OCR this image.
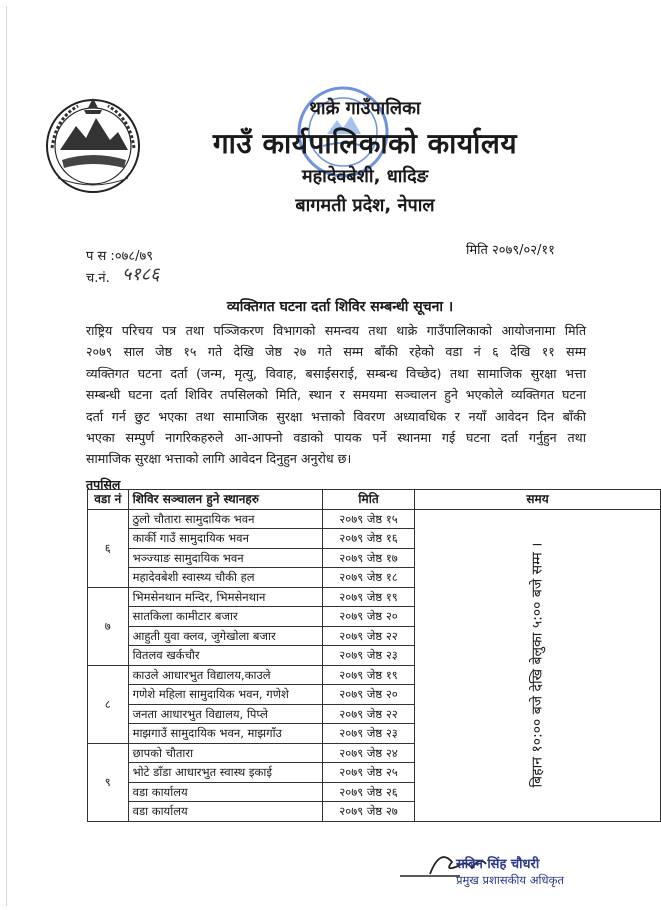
थाक्रे गाउँपालिका
गाउँ कार्यपालिकाको कार्यालय
महादेवबेशी, धादिङ
बागमती प्रदेश, नेपाल
प स :०७८/७९
च.नं. ५१८६
मिति २०७९/०२/११
व्यक्तिगत घटना दर्ता शिविर सम्बन्धी सूचना ।
राष्ट्रिय परिचय पत्र तथा पञ्जिकरण विभागको समन्वय तथा थाक्रे गाउँपालिकाको आयोजनामा मिति
२०७९ साल जेष्ठ १५ गते देखि जेष्ठ २७ गते सम्म बाँकी रहेको वडा नं ६ देखि ११ सम्म
व्यक्तिगत घटना दर्ता (जन्म, मृत्यु, विवाह, बसाईसराई, सम्बन्ध विच्छेद) तथा सामाजिक सुरक्षा भत्ता
सम्बन्धी घटना दर्ता शिविर तपसिलको मिति, स्थान र समयमा सञ्चालन हुने भएकोले व्यक्तिगत घटना
दर्ता गर्न छुट भएका तथा सामाजिक सुरक्षा भत्ताको विवरण अध्यावधिक र नयाँ आवेदन दिन बाँकी
भएका सम्पुर्ण नागरिकहरुले आ-आफ्नो वडाको पायक पर्ने स्थानमा गई घटना दर्ता गर्नुहुन तथा
सामाजिक सुरक्षा भत्ताको लागि आवेदन दिनुहुन अनुरोध छ।
तपसिल
वडा नं	शिविर सञ्चालन हुने स्थानहरु	मिति	समय
६	ठुलो चौतारा सामुदायिक भवन	२०७९ जेष्ठ १५	बिहान १०:०० बजे देखि बेलुका ५:०० बजे सम्म ।
	कार्की गाउँ सामुदायिक भवन	२०७९ जेष्ठ १६	
	भञ्ज्याङ सामुदायिक भवन	२०७९ जेष्ठ १७	
	महादेवबेशी स्वास्थ्य चौकी हल	२०७९ जेष्ठ १८	
७	भिमसेनथान मन्दिर, भिमसेनथान	२०७९ जेष्ठ १९	
	सातकिला कामीटार बजार	२०७९ जेष्ठ २०	
	आहुती युवा क्लव, जुगेखोला बजार	२०७९ जेष्ठ २२	
	वितलव खर्कचौर	२०७९ जेष्ठ २३	
८	काउले आधारभुत विद्यालय,काउले	२०७९ जेष्ठ १९	
	गणेशे महिला सामुदायिक भवन, गणेशे	२०७९ जेष्ठ २०	
	जनता आधारभुत विद्यालय, पिप्ले	२०७९ जेष्ठ २२	
	माझगाउँ सामुदायिक भवन, माझगाँउ	२०७९ जेष्ठ २३	
९	छापको चौतारा	२०७९ जेष्ठ २४	
	भोटे डाँडा आधारभुत स्वास्थ इकाई	२०७९ जेष्ठ २५	
	वडा कार्यालय	२०७९ जेष्ठ २६	
	वडा कार्यालय	२०७९ जेष्ठ २७	
सबिन सिंह चौधरी
प्रमुख प्रशासकीय अधिकृत
